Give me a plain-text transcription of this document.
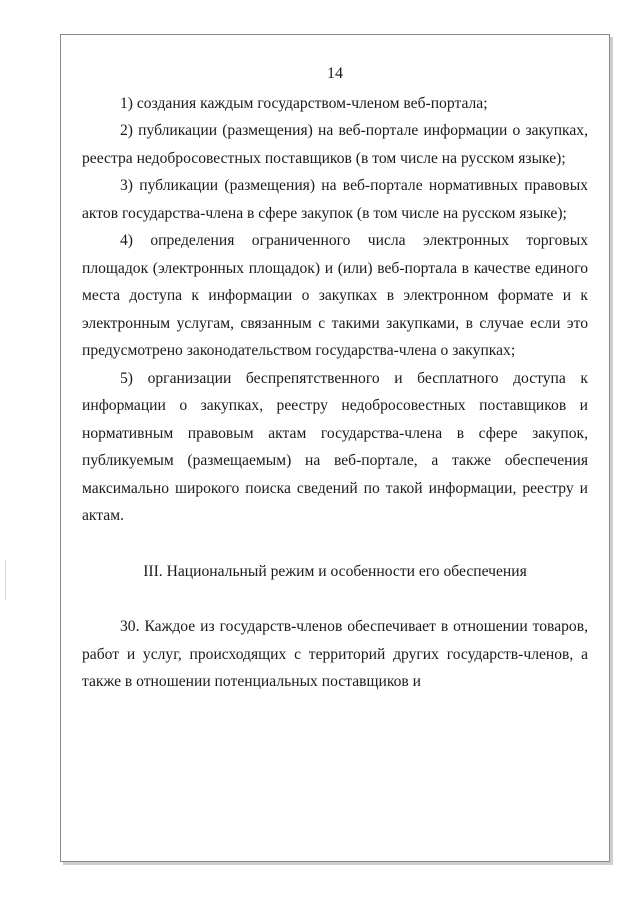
14

1) создания каждым государством-членом веб-портала;

2) публикации (размещения) на веб-портале информации о закупках, реестра недобросовестных поставщиков (в том числе на русском языке);

3) публикации (размещения) на веб-портале нормативных правовых актов государства-члена в сфере закупок (в том числе на русском языке);

4) определения ограниченного числа электронных торговых площадок (электронных площадок) и (или) веб-портала в качестве единого места доступа к информации о закупках в электронном формате и к электронным услугам, связанным с такими закупками, в случае если это предусмотрено законодательством государства-члена о закупках;

5) организации беспрепятственного и бесплатного доступа к информации о закупках, реестру недобросовестных поставщиков и нормативным правовым актам государства-члена в сфере закупок, публикуемым (размещаемым) на веб-портале, а также обеспечения максимально широкого поиска сведений по такой информации, реестру и актам.

III. Национальный режим и особенности его обеспечения

30. Каждое из государств-членов обеспечивает в отношении товаров, работ и услуг, происходящих с территорий других государств-членов, а также в отношении потенциальных поставщиков и
